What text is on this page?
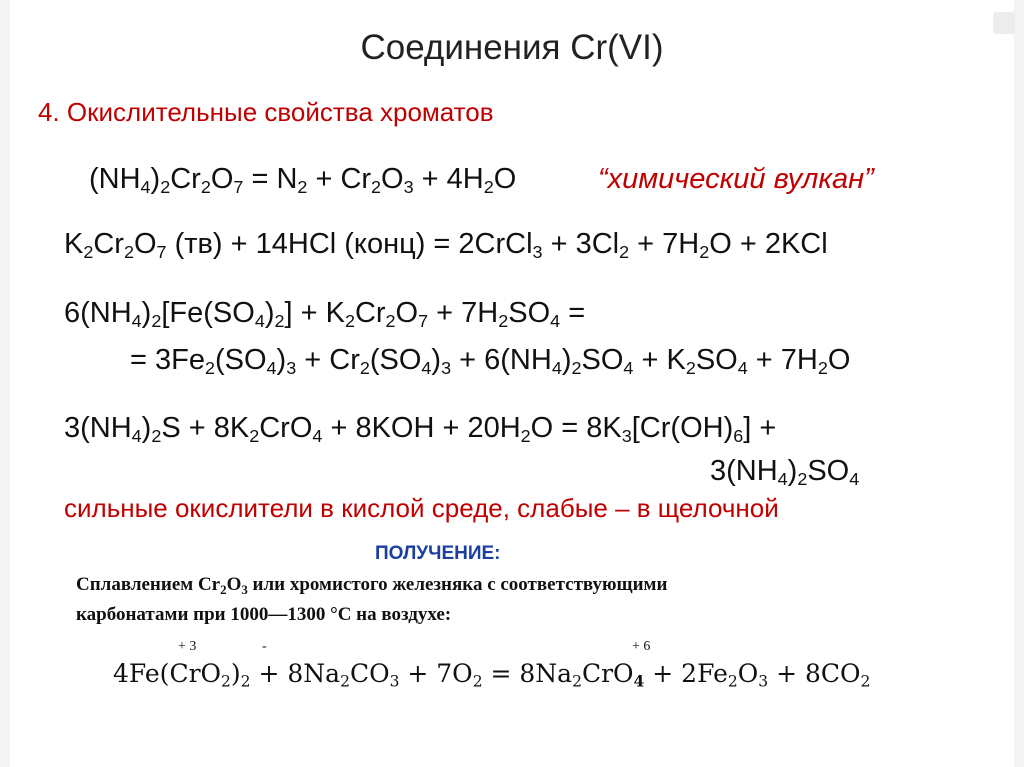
Соединения Cr(VI)
4. Окислительные свойства хроматов
$(NH_4)_2Cr_2O_7 = N_2 + Cr_2O_3 + 4H_2O$	“химический вулкан”
$K_2Cr_2O_7$ (тв) + 14HCl (конц) = 2CrCl$_3$ + $3Cl_2 + 7H_2O + 2KCl$
$6(NH_4)_2[Fe(SO_4)_2] + K_2Cr_2O_7 + 7H_2SO_4$ =
= $3Fe_2(SO_4)_3 + Cr_2(SO_4)_3 + 6(NH_4)_2SO_4 + K_2SO_4 + 7H_2O$
$3(NH_4)_2S + 8K_2CrO_4 + 8KOH + 20H_2O = 8K_3[Cr(OH)_6]$ +
$3(NH_4)_2SO_4$
сильные окислители в кислой среде, слабые – в щелочной
ПОЛУЧЕНИЕ:
Сплавлением $Cr_2O_3$ или хромистого железняка с соответствующими
карбонатами при 1000—1300 °С на воздухе:
+ 3	-	+ 6
$4Fe(CrO_2)_2 + 8Na_2CO_3 + 7O_2 = 8Na_2CrO_4 + 2Fe_2O_3 + 8CO_2$
